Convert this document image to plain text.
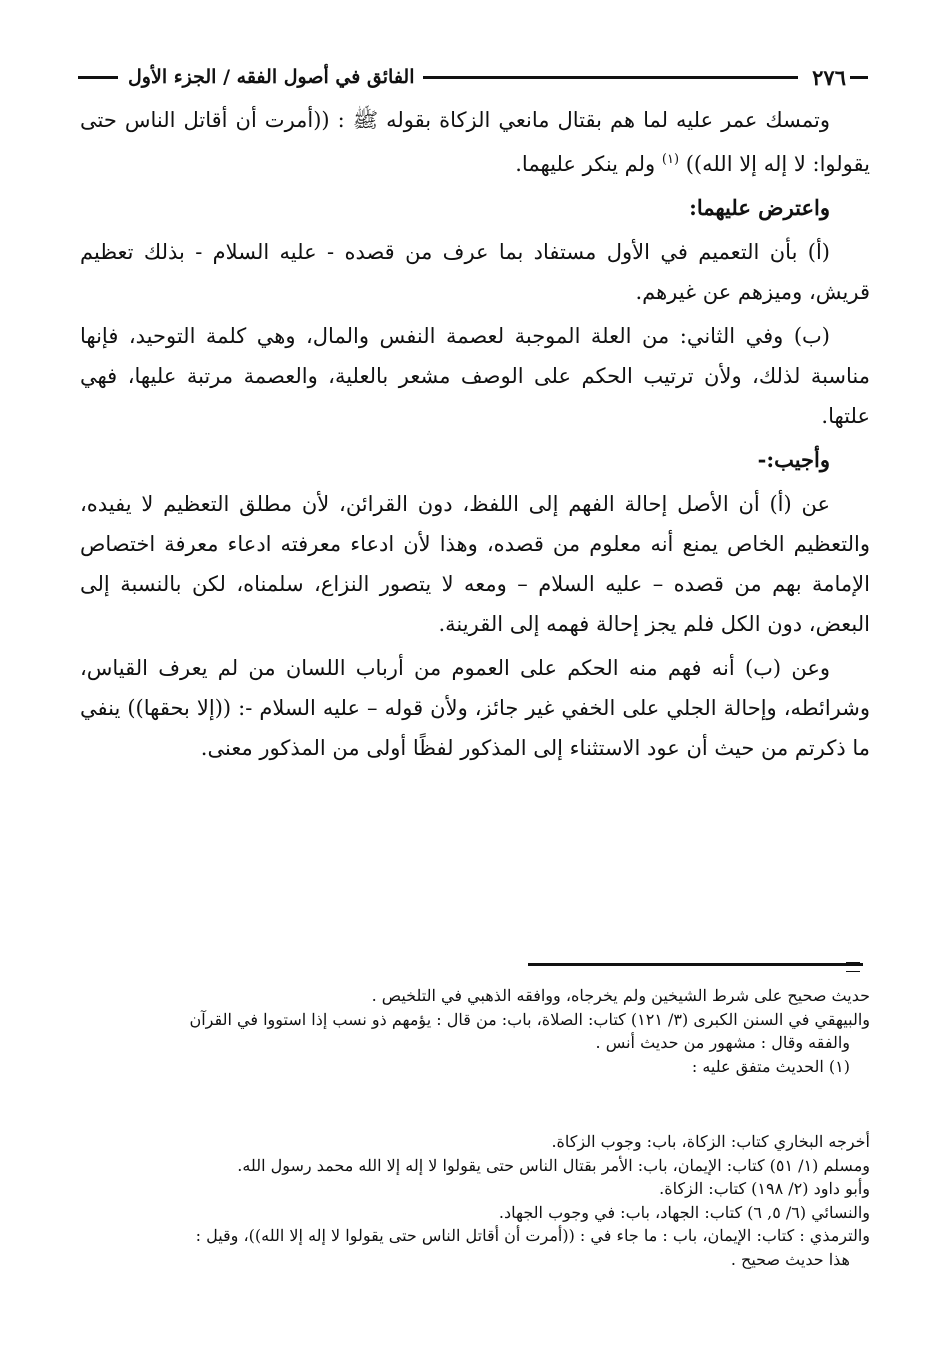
٢٧٦
الفائق في أصول الفقه / الجزء الأول

وتمسك عمر عليه لما هم بقتال مانعي الزكاة بقوله ﷺ : ((أمرت أن أقاتل الناس حتى يقولوا: لا إله إلا الله)) $^{(١)}$ ولم ينكر عليهما.

واعترض عليهما:

(أ) بأن التعميم في الأول مستفاد بما عرف من قصده - عليه السلام - بذلك تعظيم قريش، وميزهم عن غيرهم.

(ب) وفي الثاني: من العلة الموجبة لعصمة النفس والمال، وهي كلمة التوحيد، فإنها مناسبة لذلك، ولأن ترتيب الحكم على الوصف مشعر بالعلية، والعصمة مرتبة عليها، فهي علتها.

وأجيب:-

عن (أ) أن الأصل إحالة الفهم إلى اللفظ، دون القرائن، لأن مطلق التعظيم لا يفيده، والتعظيم الخاص يمنع أنه معلوم من قصده، وهذا لأن ادعاء معرفته ادعاء معرفة اختصاص الإمامة بهم من قصده – عليه السلام – ومعه لا يتصور النزاع، سلمناه، لكن بالنسبة إلى البعض، دون الكل فلم يجز إحالة فهمه إلى القرينة.

وعن (ب) أنه فهم منه الحكم على العموم من أرباب اللسان من لم يعرف القياس، وشرائطه، وإحالة الجلي على الخفي غير جائز، ولأن قوله – عليه السلام -: ((إلا بحقها)) ينفي ما ذكرتم من حيث أن عود الاستثناء إلى المذكور لفظًا أولى من المذكور معنى.

حديث صحيح على شرط الشيخين ولم يخرجاه، ووافقه الذهبي في التلخيص .

والبيهقي في السنن الكبرى (٣/ ١٢١) كتاب: الصلاة، باب: من قال : يؤمهم ذو نسب إذا استووا في القرآن

والفقه وقال : مشهور من حديث أنس .

(١) الحديث متفق عليه :

أخرجه البخاري كتاب: الزكاة، باب: وجوب الزكاة.

ومسلم (١/ ٥١) كتاب: الإيمان، باب: الأمر بقتال الناس حتى يقولوا لا إله إلا الله محمد رسول الله.

وأبو داود (٢/ ١٩٨) كتاب: الزكاة.

والنسائي (٦/ ٥, ٦) كتاب: الجهاد، باب: في وجوب الجهاد.

والترمذي : كتاب: الإيمان، باب : ما جاء في : ((أمرت أن أقاتل الناس حتى يقولوا لا إله إلا الله))، وقيل :

هذا حديث صحيح .
